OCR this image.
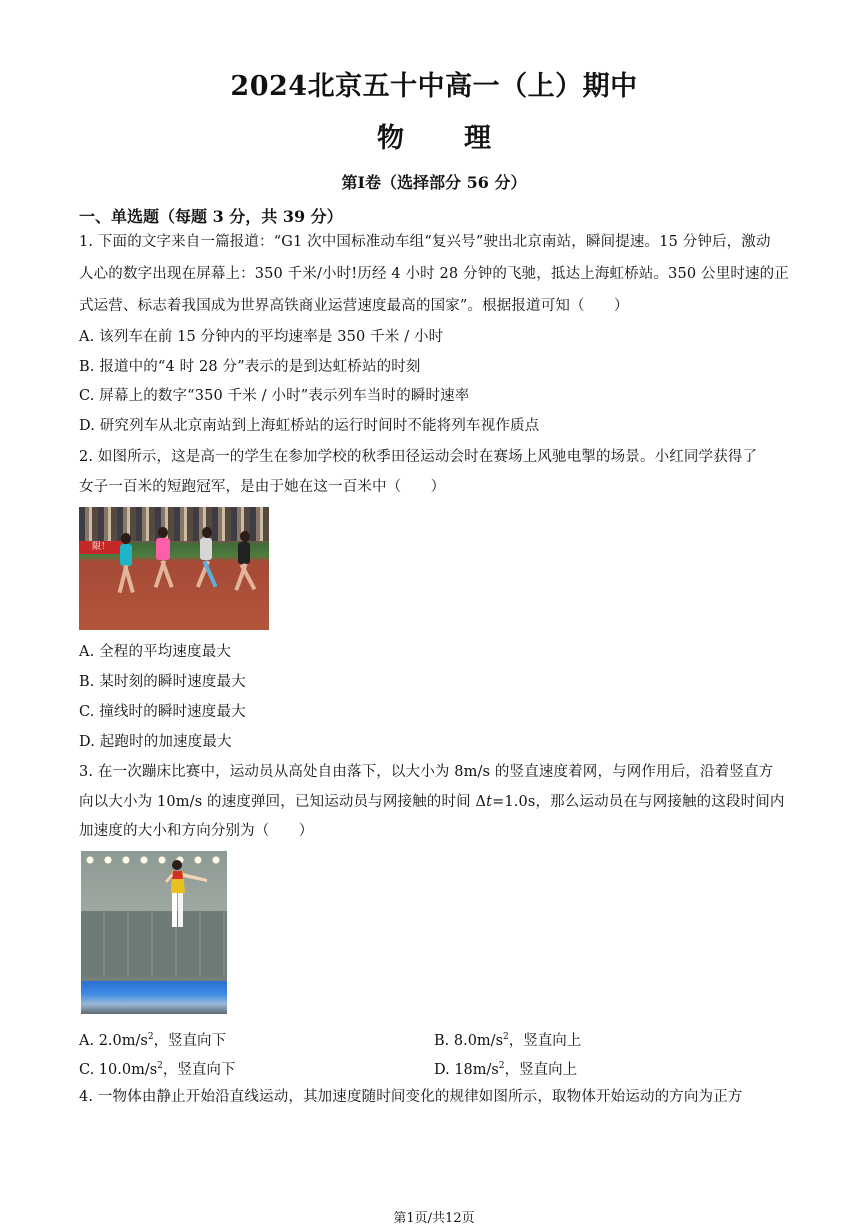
2024北京五十中高一（上）期中
物 理
第Ⅰ卷（选择部分 56 分）
一、单选题（每题 3 分，共 39 分）
1. 下面的文字来自一篇报道：“G1 次中国标准动车组“复兴号”驶出北京南站，瞬间提速。15 分钟后，激动
人心的数字出现在屏幕上：350 千米/小时!历经 4 小时 28 分钟的飞驰，抵达上海虹桥站。350 公里时速的正
式运营、标志着我国成为世界高铁商业运营速度最高的国家”。根据报道可知（　　）
A. 该列车在前 15 分钟内的平均速率是 350 千米 / 小时
B. 报道中的“4 时 28 分”表示的是到达虹桥站的时刻
C. 屏幕上的数字“350 千米 / 小时”表示列车当时的瞬时速率
D. 研究列车从北京南站到上海虹桥站的运行时间时不能将列车视作质点
2. 如图所示，这是高一的学生在参加学校的秋季田径运动会时在赛场上风驰电掣的场景。小红同学获得了
女子一百米的短跑冠军，是由于她在这一百米中（　　）
限！
A. 全程的平均速度最大
B. 某时刻的瞬时速度最大
C. 撞线时的瞬时速度最大
D. 起跑时的加速度最大
3. 在一次蹦床比赛中，运动员从高处自由落下，以大小为 8m/s 的竖直速度着网，与网作用后，沿着竖直方
向以大小为 10m/s 的速度弹回，已知运动员与网接触的时间 Δt=1.0s，那么运动员在与网接触的这段时间内
加速度的大小和方向分别为（　　）
A. $2.0m/s^2$，竖直向下	B. $8.0m/s^2$，竖直向上
C. $10.0m/s^2$，竖直向下	D. $18m/s^2$，竖直向上
4. 一物体由静止开始沿直线运动，其加速度随时间变化的规律如图所示，取物体开始运动的方向为正方
第1页/共12页
